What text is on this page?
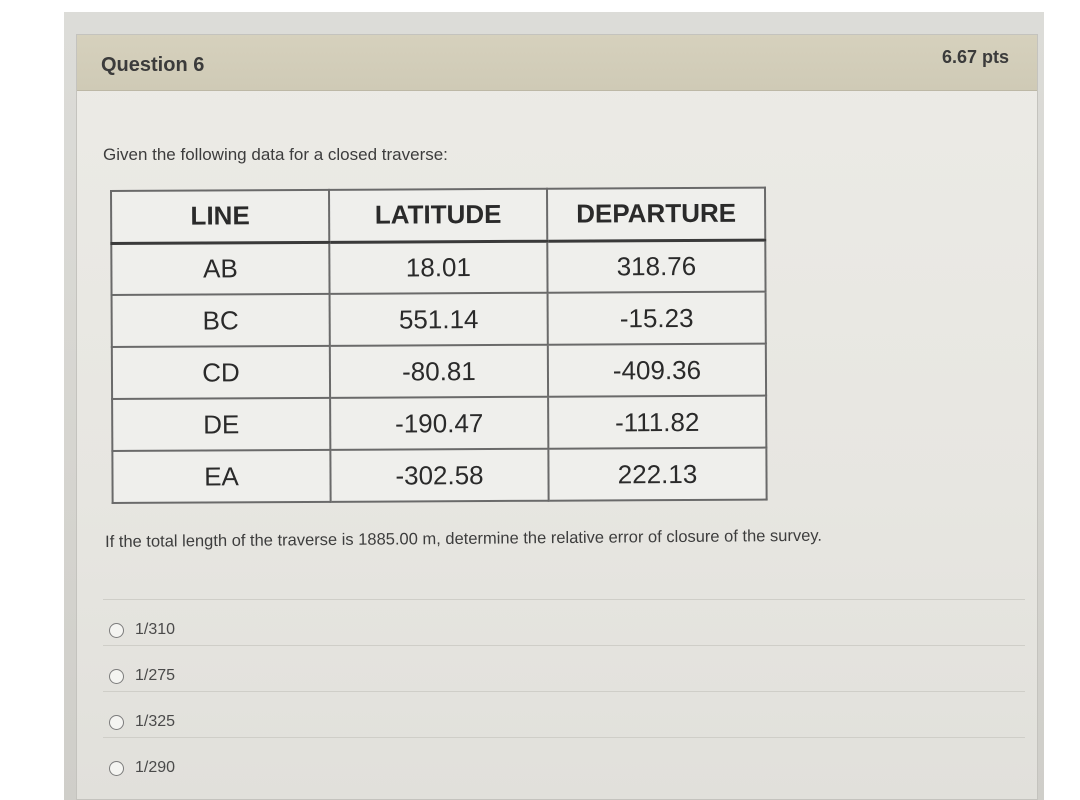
Question 6	6.67 pts
Given the following data for a closed traverse:
LINE	LATITUDE	DEPARTURE
AB	18.01	318.76
BC	551.14	-15.23
CD	-80.81	-409.36
DE	-190.47	-111.82
EA	-302.58	222.13
If the total length of the traverse is 1885.00 m, determine the relative error of closure of the survey.
1/310
1/275
1/325
1/290
